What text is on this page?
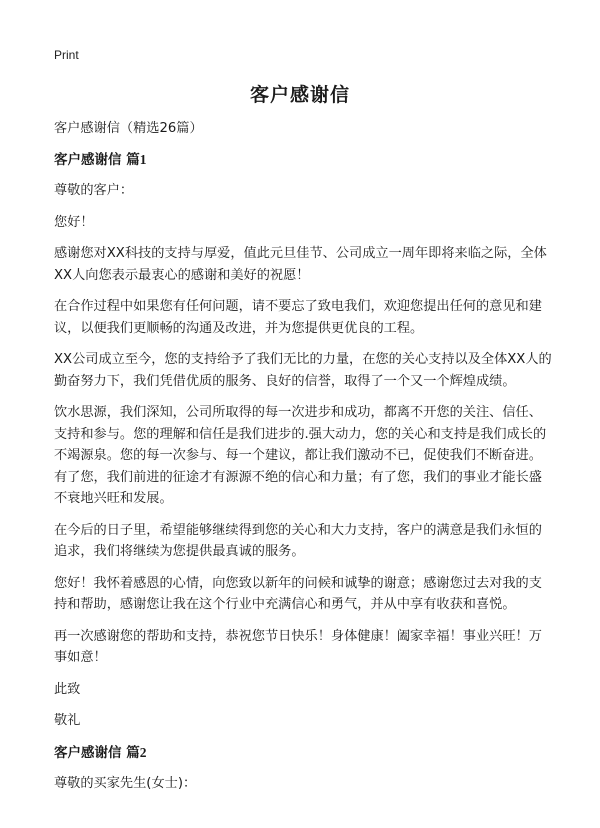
Print
客户感谢信

客户感谢信（精选26篇）

客户感谢信 篇1

尊敬的客户：

您好！

感谢您对XX科技的支持与厚爱，值此元旦佳节、公司成立一周年即将来临之际，全体XX人向您表示最衷心的感谢和美好的祝愿！

在合作过程中如果您有任何问题，请不要忘了致电我们，欢迎您提出任何的意见和建议，以便我们更顺畅的沟通及改进，并为您提供更优良的工程。

XX公司成立至今，您的支持给予了我们无比的力量，在您的关心支持以及全体XX人的勤奋努力下，我们凭借优质的服务、良好的信誉，取得了一个又一个辉煌成绩。

饮水思源，我们深知，公司所取得的每一次进步和成功，都离不开您的关注、信任、支持和参与。您的理解和信任是我们进步的.强大动力，您的关心和支持是我们成长的不竭源泉。您的每一次参与、每一个建议，都让我们激动不已，促使我们不断奋进。有了您，我们前进的征途才有源源不绝的信心和力量；有了您，我们的事业才能长盛不衰地兴旺和发展。

在今后的日子里，希望能够继续得到您的关心和大力支持，客户的满意是我们永恒的追求，我们将继续为您提供最真诚的服务。

您好！我怀着感恩的心情，向您致以新年的问候和诚挚的谢意；感谢您过去对我的支持和帮助，感谢您让我在这个行业中充满信心和勇气，并从中享有收获和喜悦。

再一次感谢您的帮助和支持，恭祝您节日快乐！身体健康！阖家幸福！事业兴旺！万事如意！

此致

敬礼

客户感谢信 篇2

尊敬的买家先生(女士)：
